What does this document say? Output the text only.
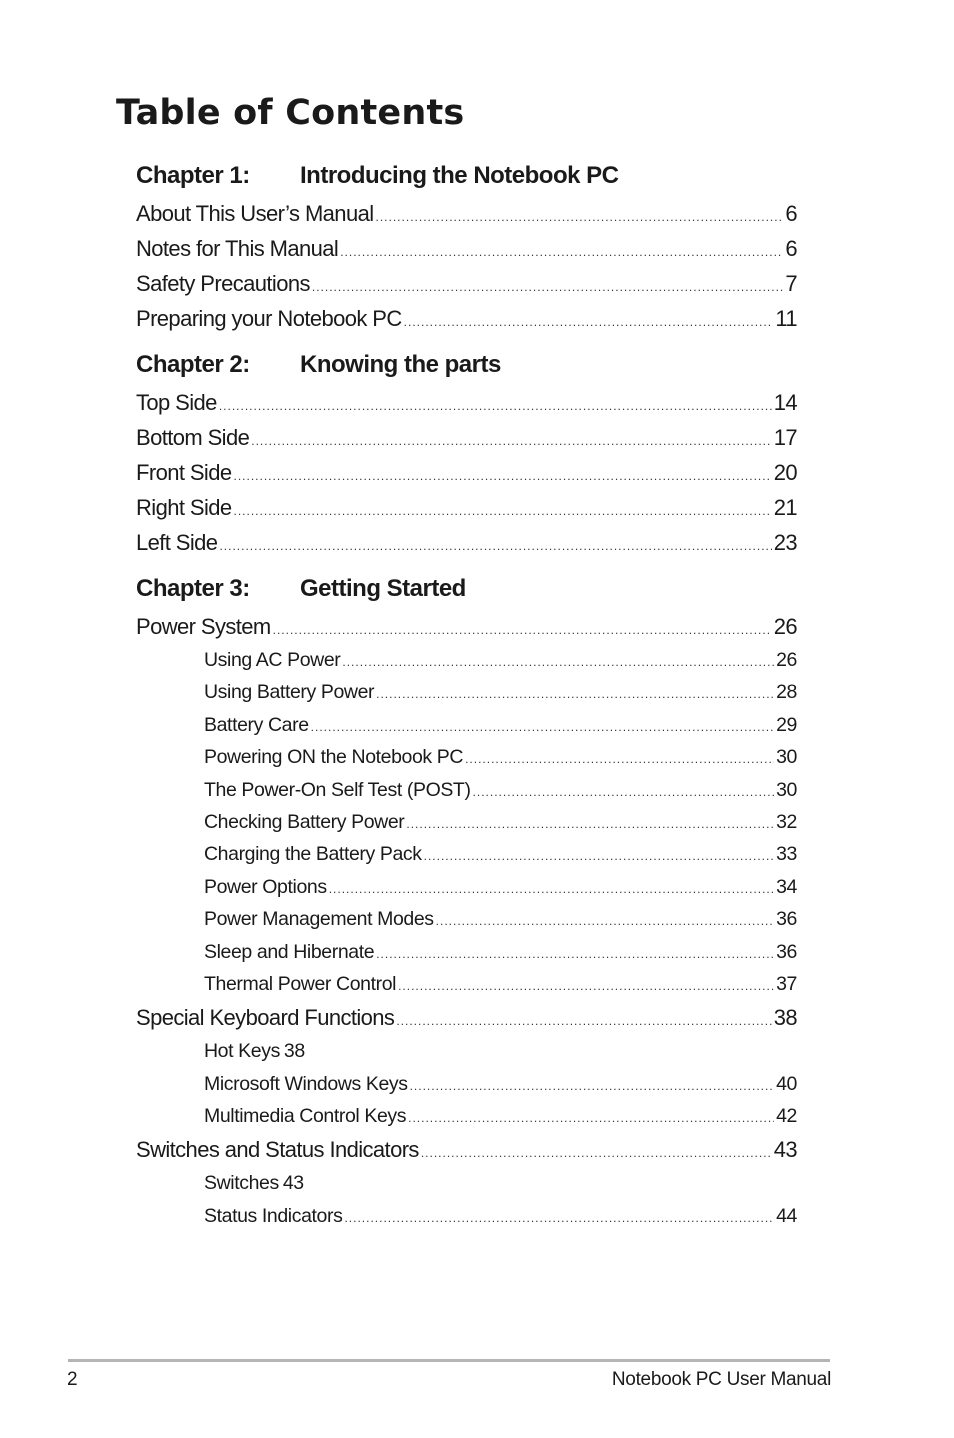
Table of Contents
Chapter 1:	Introducing the Notebook PC
About This User’s Manual .....	6
Notes for This Manual .....	6
Safety Precautions .....	7
Preparing your Notebook PC .....	11
Chapter 2:	Knowing the parts
Top Side .....	14
Bottom Side .....	17
Front Side .....	20
Right Side .....	21
Left Side .....	23
Chapter 3:	Getting Started
Power System .....	26
Using AC Power .....	26
Using Battery Power .....	28
Battery Care .....	29
Powering ON the Notebook PC .....	30
The Power-On Self Test (POST) .....	30
Checking Battery Power .....	32
Charging the Battery Pack .....	33
Power Options .....	34
Power Management Modes .....	36
Sleep and Hibernate .....	36
Thermal Power Control .....	37
Special Keyboard Functions .....	38
Hot Keys 38
Microsoft Windows Keys .....	40
Multimedia Control Keys .....	42
Switches and Status Indicators .....	43
Switches 43
Status Indicators .....	44
2	Notebook PC User Manual
